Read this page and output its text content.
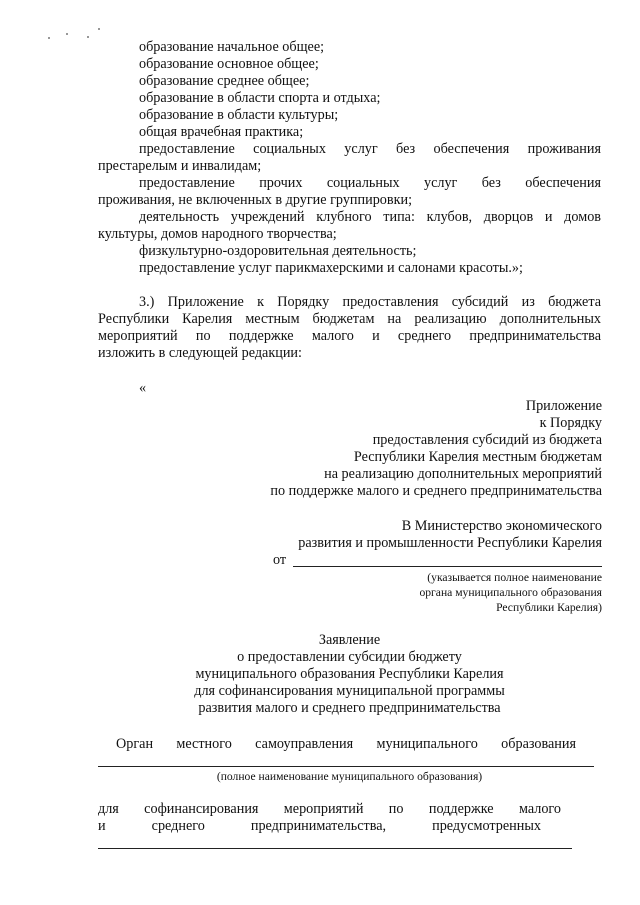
образование начальное общее;
образование основное общее;
образование среднее общее;
образование в области спорта и отдыха;
образование в области культуры;
общая врачебная практика;
предоставление социальных услуг без обеспечения проживания
престарелым и инвалидам;
предоставление прочих социальных услуг без обеспечения
проживания, не включенных в другие группировки;
деятельность учреждений клубного типа: клубов, дворцов и домов
культуры, домов народного творчества;
физкультурно-оздоровительная деятельность;
предоставление услуг парикмахерскими и салонами красоты.»;
3.) Приложение к Порядку предоставления субсидий из бюджета
Республики Карелия местным бюджетам на реализацию дополнительных
мероприятий по поддержке малого и среднего предпринимательства
изложить в следующей редакции:
«
Приложение
к Порядку
предоставления субсидий из бюджета
Республики Карелия местным бюджетам
на реализацию дополнительных мероприятий
по поддержке малого и среднего предпринимательства
В Министерство экономического
развития и промышленности Республики Карелия
от
(указывается полное наименование
органа муниципального образования
Республики Карелия)
Заявление
о предоставлении субсидии бюджету
муниципального образования Республики Карелия
для софинансирования муниципальной программы
развития малого и среднего предпринимательства
Орган местного самоуправления муниципального образования
(полное наименование муниципального образования)
для софинансирования мероприятий по поддержке малого
и среднего предпринимательства, предусмотренных
